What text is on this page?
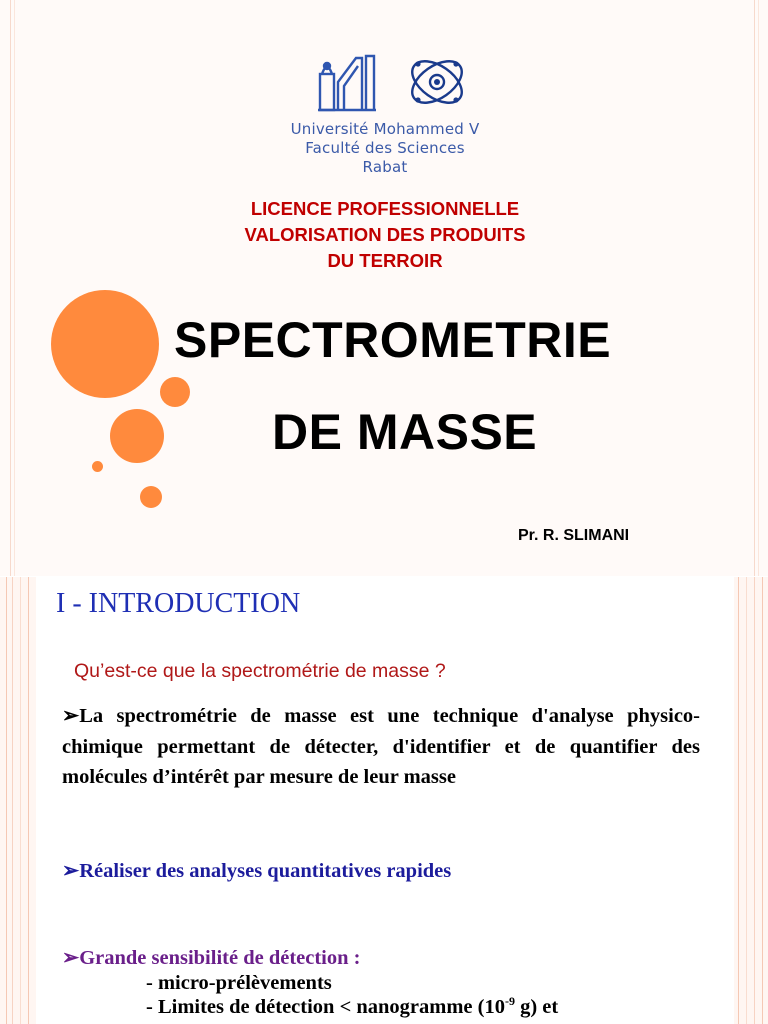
Université Mohammed V
Faculté des Sciences
Rabat
LICENCE PROFESSIONNELLE
VALORISATION DES PRODUITS
DU TERROIR
SPECTROMETRIE
DE MASSE
Pr. R. SLIMANI
I - INTRODUCTION
Qu’est-ce que la spectrométrie de masse ?
➢La spectrométrie de masse est une technique d'analyse physico-chimique permettant de détecter, d'identifier et de quantifier des molécules d’intérêt par mesure de leur masse
➢Réaliser des analyses quantitatives rapides
➢Grande sensibilité de détection :
- micro-prélèvements
- Limites de détection < nanogramme ($10^{-9}$ g) et
